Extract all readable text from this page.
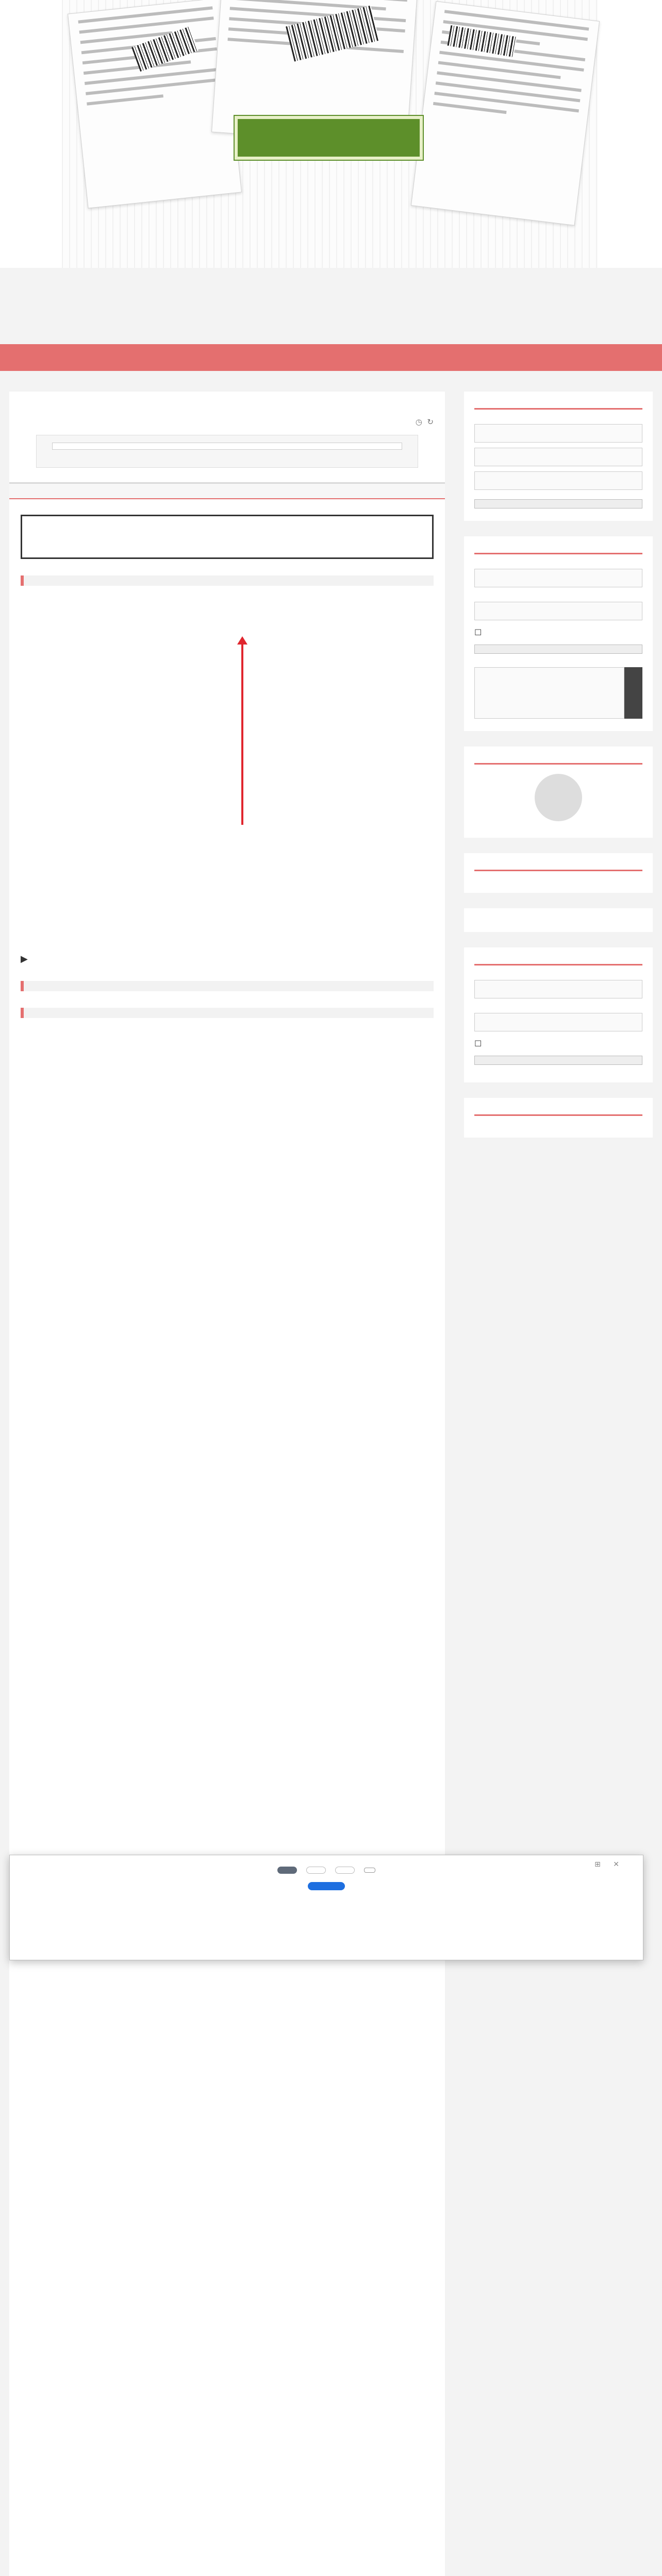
◷ ↻

▶

⊞ ✕

☐
☐
